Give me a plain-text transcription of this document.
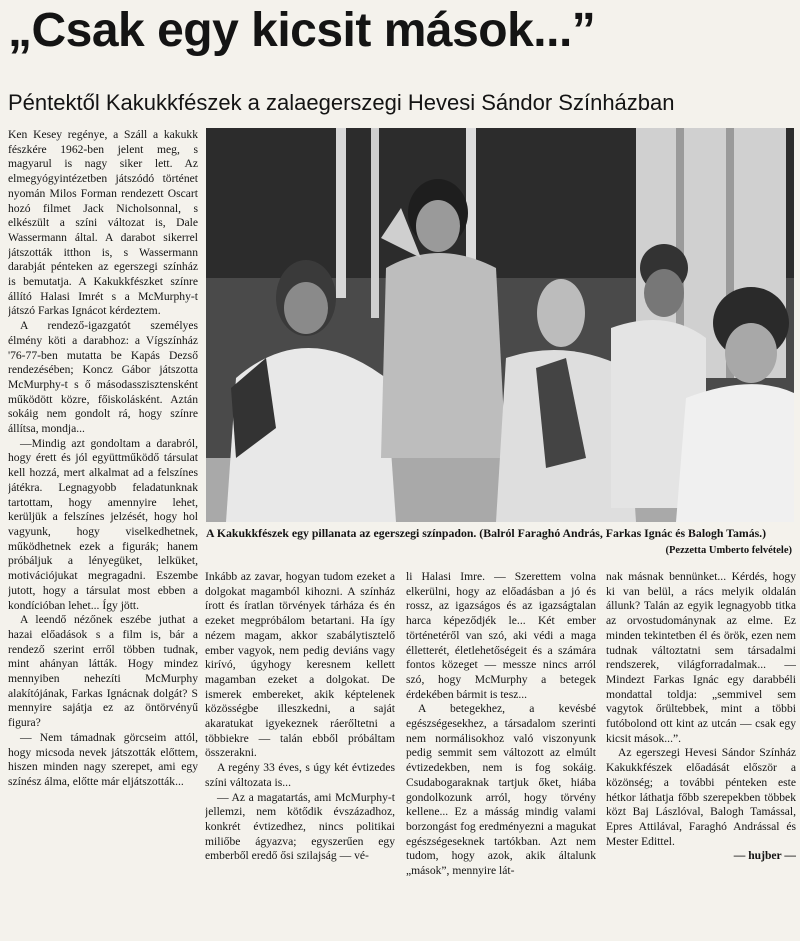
„Csak egy kicsit mások...”
Péntektől Kakukkfészek a zalaegerszegi Hevesi Sándor Színházban

Ken Kesey regénye, a Száll a kakukk fészkére 1962-ben jelent meg, s magyarul is nagy siker lett. Az elmegyógyintézetben játszódó történet nyomán Milos Forman rendezett Oscart hozó filmet Jack Nicholsonnal, s elkészült a színi változat is, Dale Wassermann által. A darabot sikerrel játszották itthon is, s Wassermann darabját pénteken az egerszegi színház is bemutatja. A Kakukkfészket színre állító Halasi Imrét s a McMurphy-t játszó Farkas Ignácot kérdeztem.

A rendező-igazgatót személyes élmény köti a darabhoz: a Vígszínház '76-77-ben mutatta be Kapás Dezső rendezésében; Koncz Gábor játszotta McMurphy-t s ő másodasszisztensként működött közre, főiskolásként. Aztán sokáig nem gondolt rá, hogy színre állítsa, mondja...

—Mindig azt gondoltam a darabról, hogy érett és jól együttműködő társulat kell hozzá, mert alkalmat ad a felszínes játékra. Legnagyobb feladatunknak tartottam, hogy amennyire lehet, kerüljük a felszínes jelzését, hogy hol vagyunk, hogy viselkedhetnek, működhetnek ezek a figurák; hanem próbáljuk a lényegüket, lelküket, motivációjukat megragadni. Eszembe jutott, hogy a társulat most ebben a kondícióban lehet... Így jött.

A leendő nézőnek eszébe juthat a hazai előadások s a film is, bár a rendező szerint erről többen tudnak, mint ahányan látták. Hogy mindez mennyiben nehezíti McMurphy alakítójának, Farkas Ignácnak dolgát? S mennyire sajátja ez az öntörvényű figura?

— Nem támadnak görcseim attól, hogy micsoda nevek játszották előttem, hiszen minden nagy szerepet, ami egy színész álma, előtte már eljátszották...

A Kakukkfészek egy pillanata az egerszegi színpadon. (Balról Faraghó András, Farkas Ignác és Balogh Tamás.)
(Pezzetta Umberto felvétele)

Inkább az zavar, hogyan tudom ezeket a dolgokat magamból kihozni. A színház írott és íratlan törvények tárháza és én ezeket megpróbálom betartani. Ha így nézem magam, akkor szabálytisztelő ember vagyok, nem pedig deviáns vagy kirívó, úgyhogy keresnem kellett magamban ezeket a dolgokat. De ismerek embereket, akik képtelenek közösségbe illeszkedni, a saját akaratukat igyekeznek ráerőltetni a többiekre — talán ebből próbáltam összerakni.

A regény 33 éves, s úgy két évtizedes színi változata is...

— Az a magatartás, ami McMurphy-t jellemzi, nem kötődik évszázadhoz, konkrét évtizedhez, nincs politikai miliőbe ágyazva; egyszerűen egy emberből eredő ősi szilajság — vé-

li Halasi Imre. — Szerettem volna elkerülni, hogy az előadásban a jó és rossz, az igazságos és az igazságtalan harca képeződjék le... Két ember történetéről van szó, aki védi a maga élletterét, életlehetőségeit és a számára fontos közeget — messze nincs arról szó, hogy McMurphy a betegek érdekében bármit is tesz...

A betegekhez, a kevésbé egészségesekhez, a társadalom szerinti nem normálisokhoz való viszonyunk pedig semmit sem változott az elmúlt évtizedekben, nem is fog sokáig. Csudabogaraknak tartjuk őket, hiába gondolkozunk arról, hogy törvény kellene... Ez a másság mindig valami borzongást fog eredményezni a magukat egészségeseknek tartókban. Azt nem tudom, hogy azok, akik általunk „mások”, mennyire lát-

nak másnak bennünket... Kérdés, hogy ki van belül, a rács melyik oldalán állunk? Talán az egyik legnagyobb titka az orvostudománynak az elme. Ez minden tekintetben él és örök, ezen nem tudnak változtatni sem társadalmi rendszerek, világforradalmak... — Mindezt Farkas Ignác egy darabbéli mondattal toldja: „semmivel sem vagytok őrültebbek, mint a többi futóbolond ott kint az utcán — csak egy kicsit mások...”.

Az egerszegi Hevesi Sándor Színház Kakukkfészek előadását először a közönség; a további pénteken este hétkor láthatja főbb szerepekben többek közt Baj Lászlóval, Balogh Tamással, Epres Attilával, Faraghó Andrással és Mester Edittel.

— hujber —
